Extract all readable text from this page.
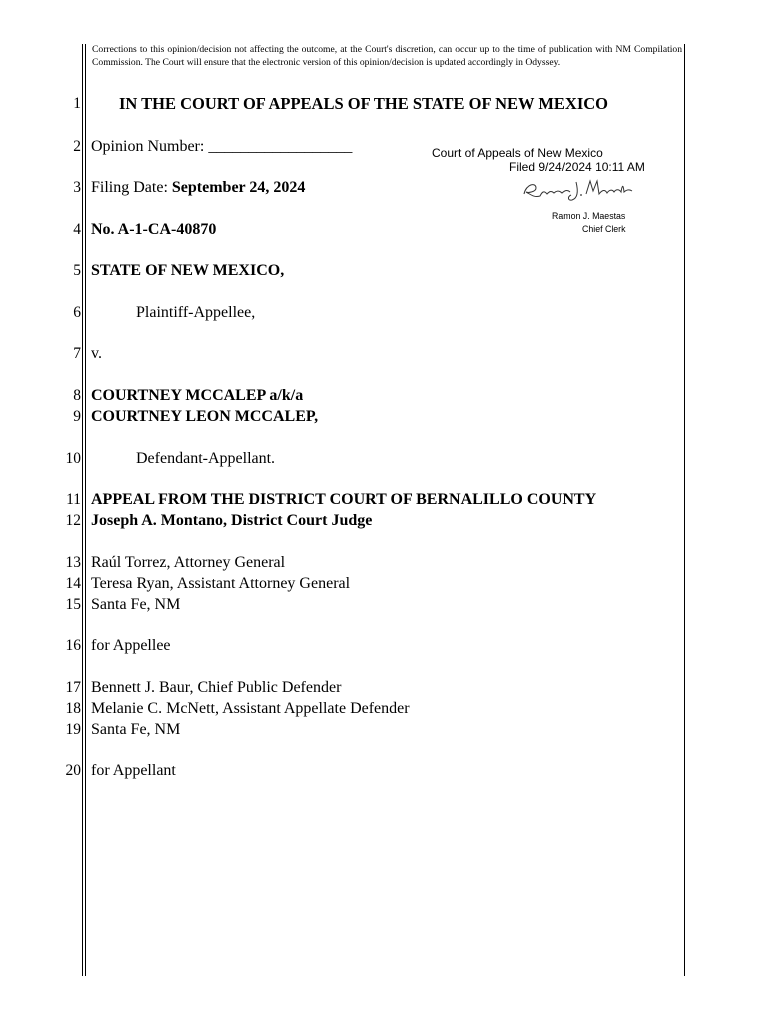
Corrections to this opinion/decision not affecting the outcome, at the Court's discretion, can occur up to the time of publication with NM Compilation Commission. The Court will ensure that the electronic version of this opinion/decision is updated accordingly in Odyssey.
1 IN THE COURT OF APPEALS OF THE STATE OF NEW MEXICO
2 Opinion Number: __________________	Court of Appeals of New Mexico
Filed 9/24/2024 10:11 AM
Ramon J. Maestas
Chief Clerk
3 Filing Date: September 24, 2024
4 No. A-1-CA-40870
5 STATE OF NEW MEXICO,
6	Plaintiff-Appellee,
7 v.
8 COURTNEY MCCALEP a/k/a
9 COURTNEY LEON MCCALEP,
10	Defendant-Appellant.
11 APPEAL FROM THE DISTRICT COURT OF BERNALILLO COUNTY
12 Joseph A. Montano, District Court Judge
13 Raúl Torrez, Attorney General
14 Teresa Ryan, Assistant Attorney General
15 Santa Fe, NM
16 for Appellee
17 Bennett J. Baur, Chief Public Defender
18 Melanie C. McNett, Assistant Appellate Defender
19 Santa Fe, NM
20 for Appellant
